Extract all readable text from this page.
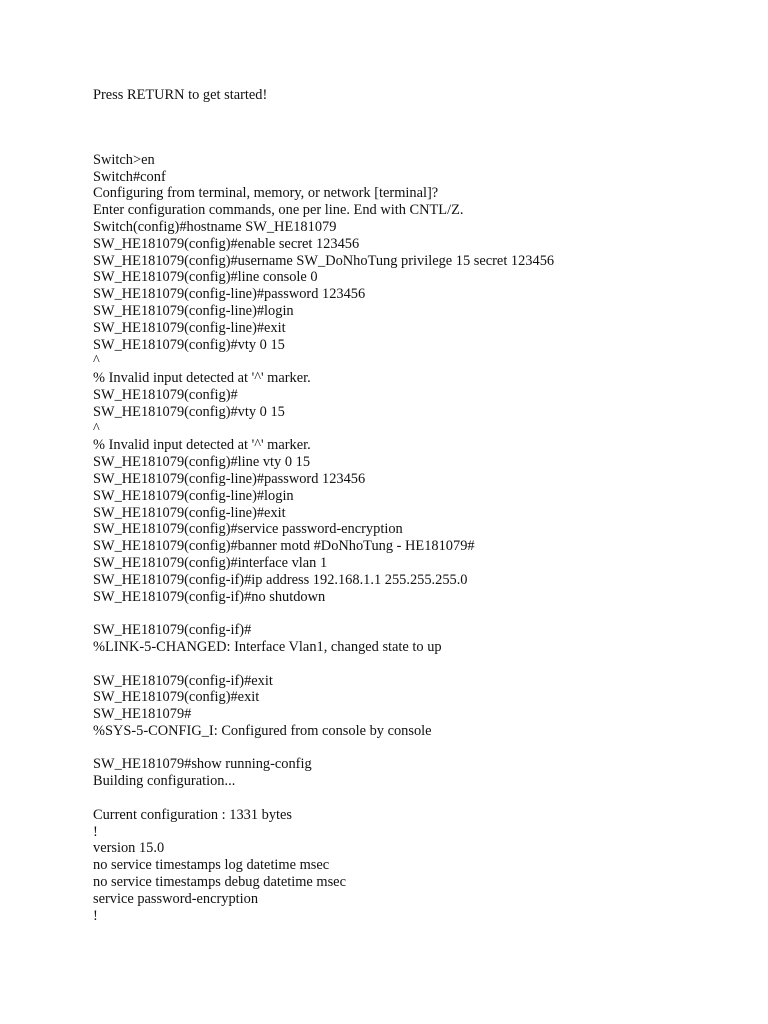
Press RETURN to get started!
Switch>en
Switch#conf
Configuring from terminal, memory, or network [terminal]?
Enter configuration commands, one per line. End with CNTL/Z.
Switch(config)#hostname SW_HE181079
SW_HE181079(config)#enable secret 123456
SW_HE181079(config)#username SW_DoNhoTung privilege 15 secret 123456
SW_HE181079(config)#line console 0
SW_HE181079(config-line)#password 123456
SW_HE181079(config-line)#login
SW_HE181079(config-line)#exit
SW_HE181079(config)#vty 0 15
^
% Invalid input detected at '^' marker.
SW_HE181079(config)#
SW_HE181079(config)#vty 0 15
^
% Invalid input detected at '^' marker.
SW_HE181079(config)#line vty 0 15
SW_HE181079(config-line)#password 123456
SW_HE181079(config-line)#login
SW_HE181079(config-line)#exit
SW_HE181079(config)#service password-encryption
SW_HE181079(config)#banner motd #DoNhoTung - HE181079#
SW_HE181079(config)#interface vlan 1
SW_HE181079(config-if)#ip address 192.168.1.1 255.255.255.0
SW_HE181079(config-if)#no shutdown
SW_HE181079(config-if)#
%LINK-5-CHANGED: Interface Vlan1, changed state to up
SW_HE181079(config-if)#exit
SW_HE181079(config)#exit
SW_HE181079#
%SYS-5-CONFIG_I: Configured from console by console
SW_HE181079#show running-config
Building configuration...
Current configuration : 1331 bytes
!
version 15.0
no service timestamps log datetime msec
no service timestamps debug datetime msec
service password-encryption
!
